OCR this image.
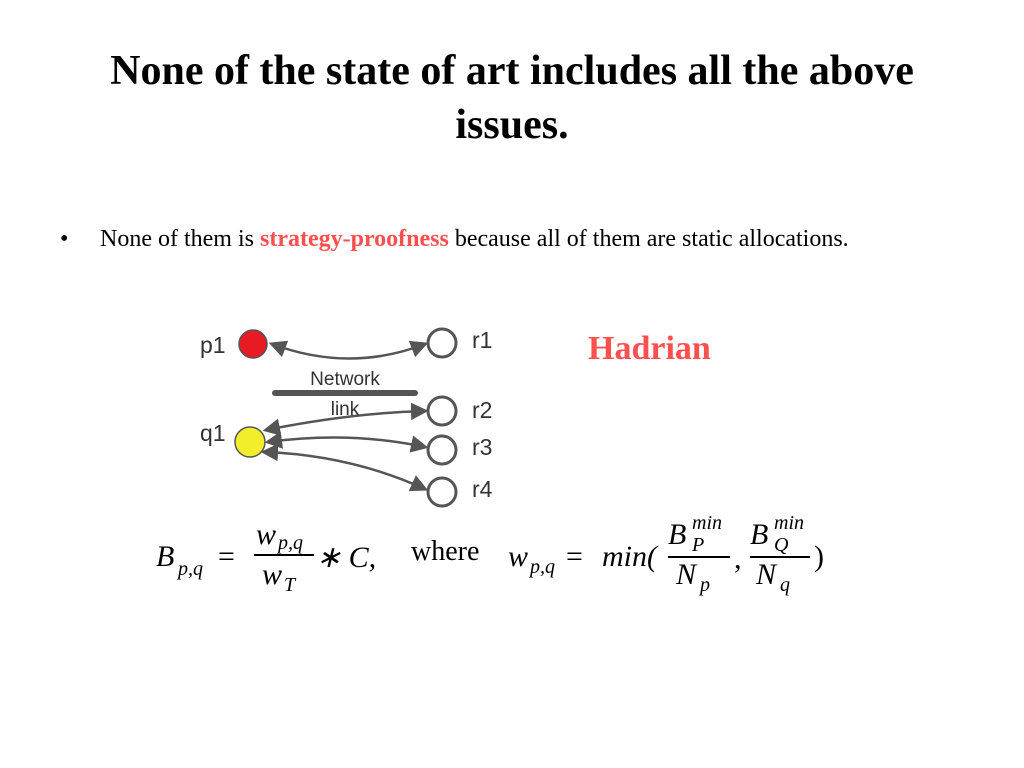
None of the state of art includes all the above
issues.
•	None of them is strategy-proofness because all of them are static allocations.
Hadrian
Network
link
p1
q1
r1
r2
r3
r4
B p,q =
w p,q
w T
∗ C, where w p,q = min(
B min
P
N p
,
B min
Q
N q
)
